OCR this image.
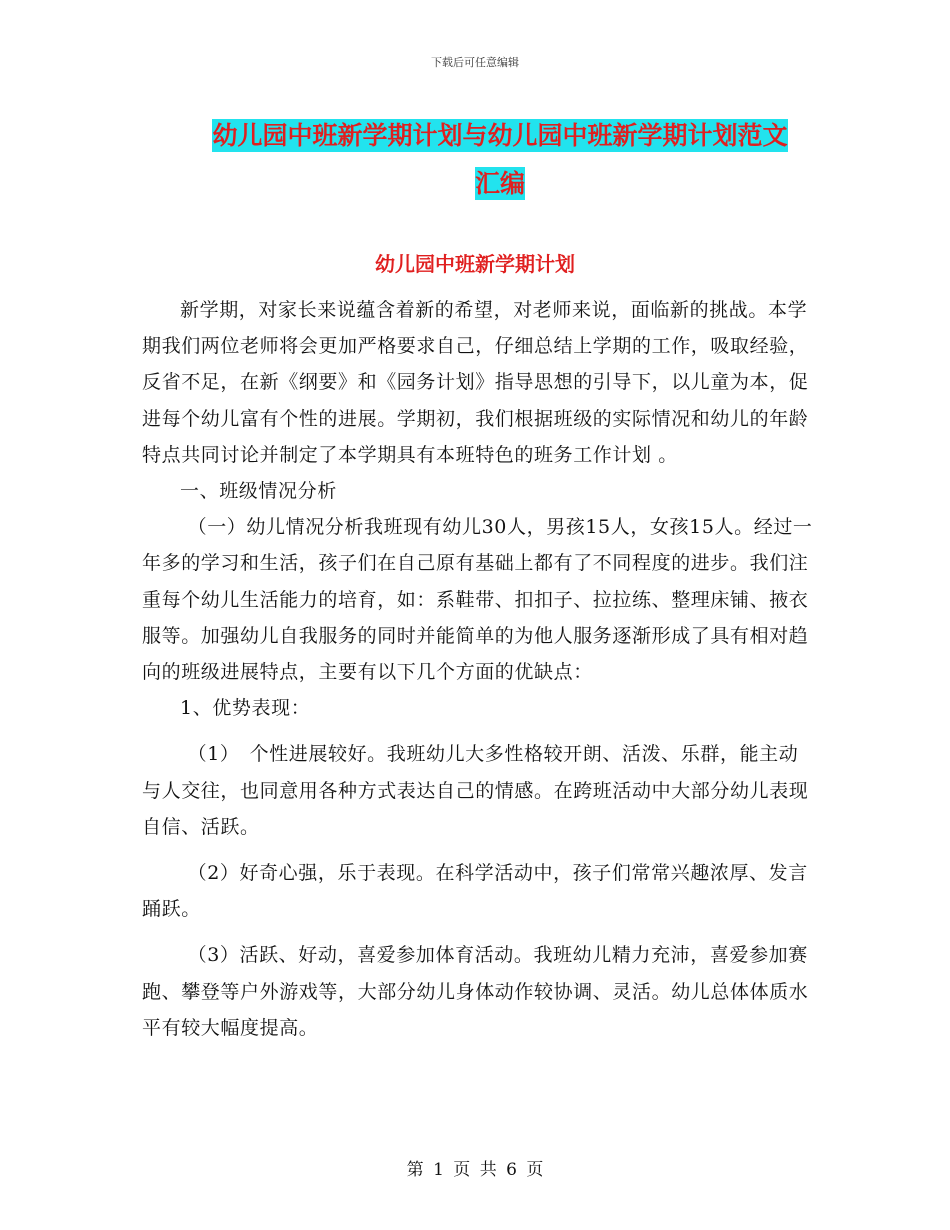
下载后可任意编辑
幼儿园中班新学期计划与幼儿园中班新学期计划范文
汇编
幼儿园中班新学期计划

新学期，对家长来说蕴含着新的希望，对老师来说，面临新的挑战。本学期我们两位老师将会更加严格要求自己，仔细总结上学期的工作，吸取经验，反省不足，在新《纲要》和《园务计划》指导思想的引导下，以儿童为本，促进每个幼儿富有个性的进展。学期初，我们根据班级的实际情况和幼儿的年龄特点共同讨论并制定了本学期具有本班特色的班务工作计划 。

一、班级情况分析

（一）幼儿情况分析我班现有幼儿30人，男孩15人，女孩15人。经过一年多的学习和生活，孩子们在自己原有基础上都有了不同程度的进步。我们注重每个幼儿生活能力的培育，如：系鞋带、扣扣子、拉拉练、整理床铺、掖衣服等。加强幼儿自我服务的同时并能简单的为他人服务逐渐形成了具有相对趋向的班级进展特点，主要有以下几个方面的优缺点：

1、优势表现：

（1）　个性进展较好。我班幼儿大多性格较开朗、活泼、乐群，能主动与人交往，也同意用各种方式表达自己的情感。在跨班活动中大部分幼儿表现自信、活跃。

（2）好奇心强，乐于表现。在科学活动中，孩子们常常兴趣浓厚、发言踊跃。

（3）活跃、好动，喜爱参加体育活动。我班幼儿精力充沛，喜爱参加赛跑、攀登等户外游戏等，大部分幼儿身体动作较协调、灵活。幼儿总体体质水平有较大幅度提高。

第 1 页 共 6 页
